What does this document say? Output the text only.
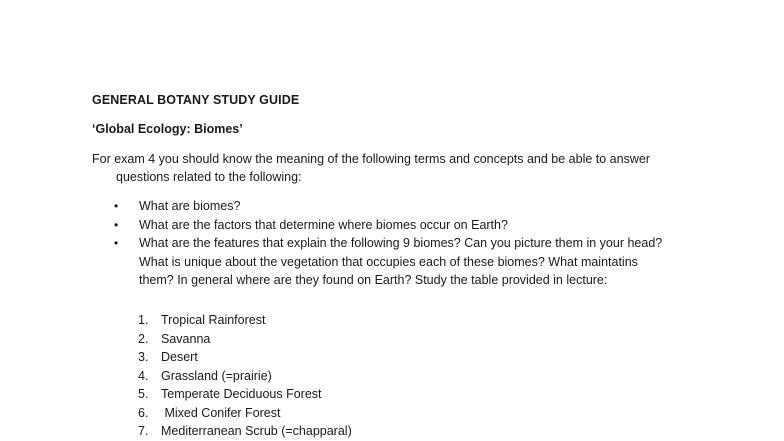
GENERAL BOTANY STUDY GUIDE
‘Global Ecology: Biomes’
For exam 4 you should know the meaning of the following terms and concepts and be able to answer
questions related to the following:
• What are biomes?
• What are the factors that determine where biomes occur on Earth?
• What are the features that explain the following 9 biomes? Can you picture them in your head?
What is unique about the vegetation that occupies each of these biomes? What maintatins
them? In general where are they found on Earth? Study the table provided in lecture:
1. Tropical Rainforest
2. Savanna
3. Desert
4. Grassland (=prairie)
5. Temperate Deciduous Forest
6. Mixed Conifer Forest
7. Mediterranean Scrub (=chapparal)
